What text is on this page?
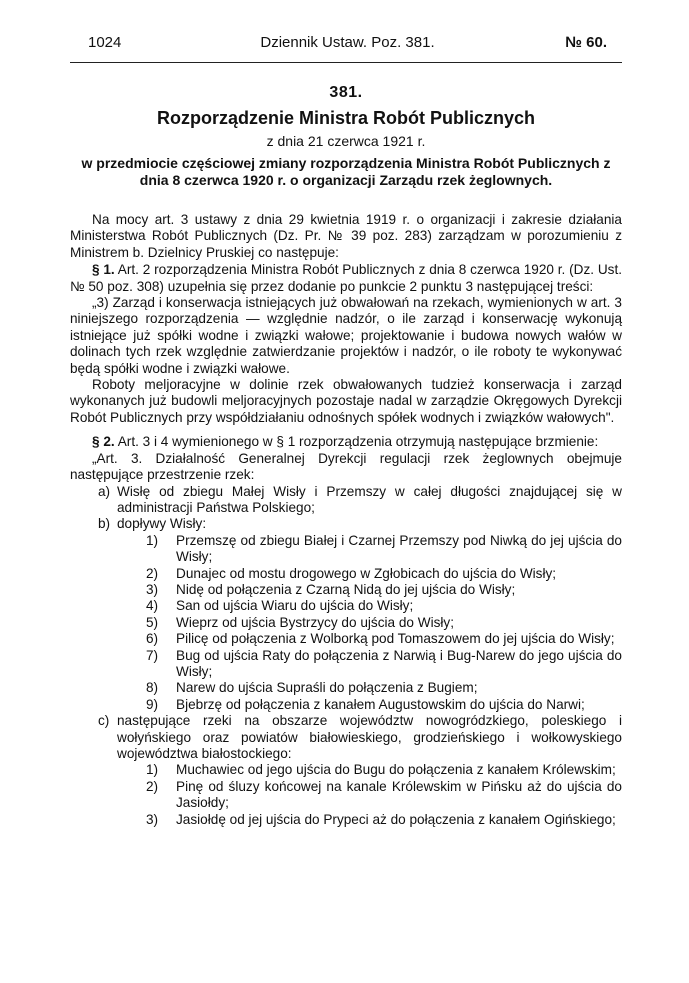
1024	Dziennik Ustaw. Poz. 381.	№ 60.
381.
Rozporządzenie Ministra Robót Publicznych
z dnia 21 czerwca 1921 r.
w przedmiocie częściowej zmiany rozporządzenia Ministra Robót Publicznych z dnia 8 czerwca 1920 r. o organizacji Zarządu rzek żeglownych.

Na mocy art. 3 ustawy z dnia 29 kwietnia 1919 r. o organizacji i zakresie działania Ministerstwa Robót Publicznych (Dz. Pr. № 39 poz. 283) zarządzam w porozumieniu z Ministrem b. Dzielnicy Pruskiej co następuje:

§ 1. Art. 2 rozporządzenia Ministra Robót Publicznych z dnia 8 czerwca 1920 r. (Dz. Ust. № 50 poz. 308) uzupełnia się przez dodanie po punkcie 2 punktu 3 następującej treści:

„3) Zarząd i konserwacja istniejących już obwałowań na rzekach, wymienionych w art. 3 niniejszego rozporządzenia — względnie nadzór, o ile zarząd i konserwację wykonują istniejące już spółki wodne i związki wałowe; projektowanie i budowa nowych wałów w dolinach tych rzek względnie zatwierdzanie projektów i nadzór, o ile roboty te wykonywać będą spółki wodne i związki wałowe.

Roboty meljoracyjne w dolinie rzek obwałowanych tudzież konserwacja i zarząd wykonanych już budowli meljoracyjnych pozostaje nadal w zarządzie Okręgowych Dyrekcji Robót Publicznych przy współdziałaniu odnośnych spółek wodnych i związków wałowych".

§ 2. Art. 3 i 4 wymienionego w § 1 rozporządzenia otrzymują następujące brzmienie:

„Art. 3. Działalność Generalnej Dyrekcji regulacji rzek żeglownych obejmuje następujące przestrzenie rzek:

a) Wisłę od zbiegu Małej Wisły i Przemszy w całej długości znajdującej się w administracji Państwa Polskiego;
b) dopływy Wisły:
1) Przemszę od zbiegu Białej i Czarnej Przemszy pod Niwką do jej ujścia do Wisły;
2) Dunajec od mostu drogowego w Zgłobicach do ujścia do Wisły;
3) Nidę od połączenia z Czarną Nidą do jej ujścia do Wisły;
4) San od ujścia Wiaru do ujścia do Wisły;
5) Wieprz od ujścia Bystrzycy do ujścia do Wisły;
6) Pilicę od połączenia z Wolborką pod Tomaszowem do jej ujścia do Wisły;
7) Bug od ujścia Raty do połączenia z Narwią i Bug-Narew do jego ujścia do Wisły;
8) Narew do ujścia Supraśli do połączenia z Bugiem;
9) Bjebrzę od połączenia z kanałem Augustowskim do ujścia do Narwi;
c) następujące rzeki na obszarze województw nowogródzkiego, poleskiego i wołyńskiego oraz powiatów białowieskiego, grodzieńskiego i wołkowyskiego województwa białostockiego:
1) Muchawiec od jego ujścia do Bugu do połączenia z kanałem Królewskim;
2) Pinę od śluzy końcowej na kanale Królewskim w Pińsku aż do ujścia do Jasiołdy;
3) Jasiołdę od jej ujścia do Prypeci aż do połączenia z kanałem Ogińskiego;
